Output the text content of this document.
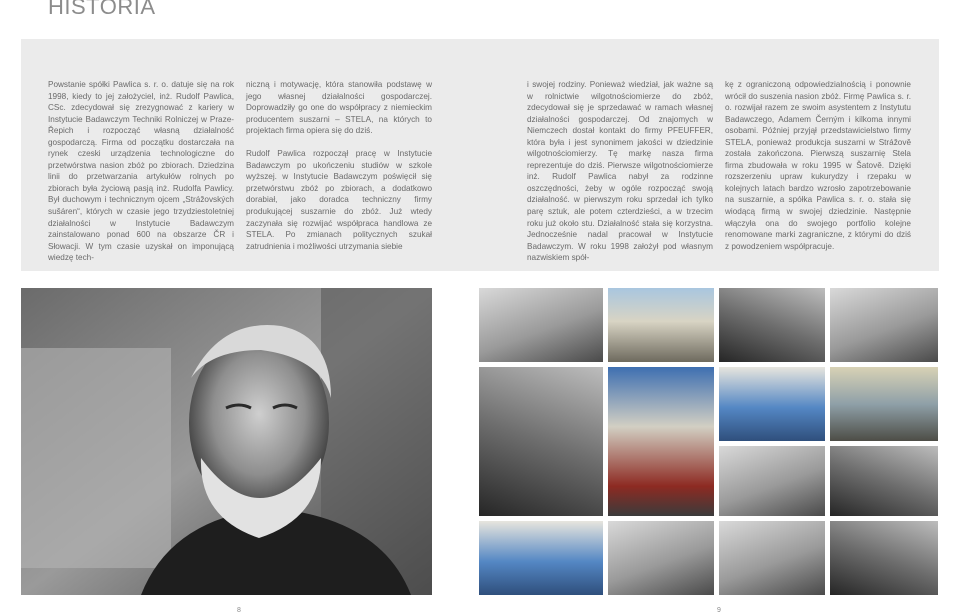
HISTORIA

Powstanie spółki Pawlica s. r. o. datuje się na rok 1998, kiedy to jej założyciel, inż. Rudolf Pawlica, CSc. zdecydował się zrezygnować z kariery w Instytucie Badawczym Techniki Rolniczej w Praze-Řepich i rozpocząć własną działalność gospodarczą. Firma od początku dostarczała na rynek czeski urządzenia technologiczne do przetwórstwa nasion zbóż po zbiorach. Dziedzina linii do przetwarzania artykułów rolnych po zbiorach była życiową pasją inż. Rudolfa Pawlicy. Był duchowym i technicznym ojcem „Strážovských sušáren“, których w czasie jego trzydziestoletniej działalności w Instytucie Badawczym zainstalowano ponad 600 na obszarze ČR i Słowacji. W tym czasie uzyskał on imponującą wiedzę tech-

niczną i motywację, która stanowiła podstawę w jego własnej działalności gospodarczej. Doprowadziły go one do współpracy z niemieckim producentem suszarni – STELA, na których to projektach firma opiera się do dziś.

Rudolf Pawlica rozpoczął pracę w Instytucie Badawczym po ukończeniu studiów w szkole wyższej. w Instytucie Badawczym poświęcił się przetwórstwu zbóż po zbiorach, a dodatkowo dorabiał, jako doradca techniczny firmy produkującej suszarnie do zbóż. Już wtedy zaczynała się rozwijać współpraca handlowa ze STELA. Po zmianach politycznych szukał zatrudnienia i możliwości utrzymania siebie

i swojej rodziny. Ponieważ wiedział, jak ważne są w rolnictwie wilgotnościomierze do zbóż, zdecydował się je sprzedawać w ramach własnej działalności gospodarczej. Od znajomych w Niemczech dostał kontakt do firmy PFEUFFER, która była i jest synonimem jakości w dziedzinie wilgotnościomierzy. Tę markę nasza firma reprezentuje do dziś. Pierwsze wilgotnościomierze inż. Rudolf Pawlica nabył za rodzinne oszczędności, żeby w ogóle rozpocząć swoją działalność. w pierwszym roku sprzedał ich tylko parę sztuk, ale potem czterdzieści, a w trzecim roku już około stu. Działalność stała się korzystna. Jednocześnie nadal pracował w Instytucie Badawczym. W roku 1998 założył pod własnym nazwiskiem spół-

kę z ograniczoną odpowiedzialnością i ponownie wrócił do suszenia nasion zbóż. Firmę Pawlica s. r. o. rozwijał razem ze swoim asystentem z Instytutu Badawczego, Adamem Černým i kilkoma innymi osobami. Później przyjął przedstawicielstwo firmy STELA, ponieważ produkcja suszarni w Strážově została zakończona. Pierwszą suszarnię Stela firma zbudowała w roku 1995 w Šatově. Dzięki rozszerzeniu upraw kukurydzy i rzepaku w kolejnych latach bardzo wzrosło zapotrzebowanie na suszarnie, a spółka Pawlica s. r. o. stała się wiodącą firmą w swojej dziedzinie. Następnie włączyła ona do swojego portfolio kolejne renomowane marki zagraniczne, z którymi do dziś z powodzeniem współpracuje.

8	9
